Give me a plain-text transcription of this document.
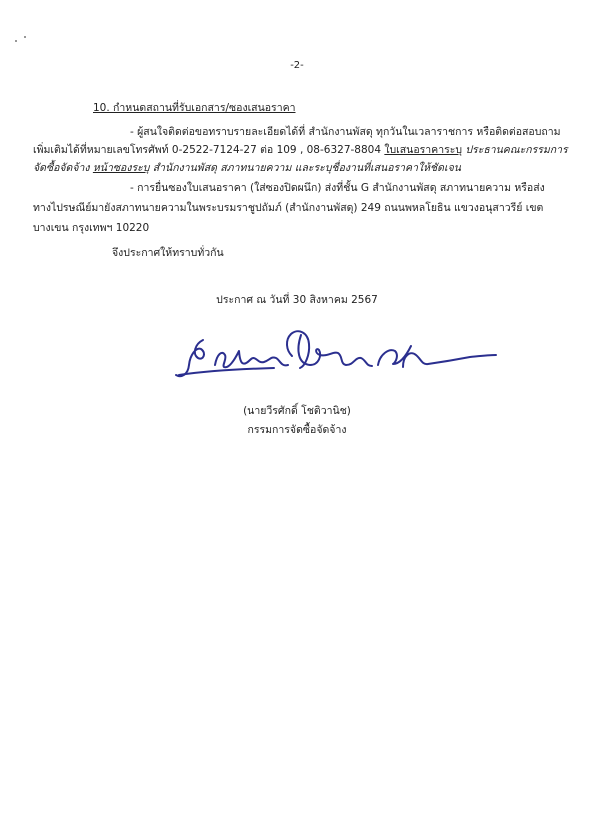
-2-
10. กำหนดสถานที่รับเอกสาร/ซองเสนอราคา
- ผู้สนใจติดต่อขอทราบรายละเอียดได้ที่ สำนักงานพัสดุ ทุกวันในเวลาราชการ หรือติดต่อสอบถาม
เพิ่มเติมได้ที่หมายเลขโทรศัพท์ 0-2522-7124-27 ต่อ 109 , 08-6327-8804 ใบเสนอราคาระบุ ประธานคณะกรรมการ
จัดซื้อจัดจ้าง หน้าซองระบุ สำนักงานพัสดุ สภาทนายความ และระบุชื่องานที่เสนอราคาให้ชัดเจน
- การยื่นซองใบเสนอราคา (ใส่ซองปิดผนึก) ส่งที่ชั้น G สำนักงานพัสดุ สภาทนายความ หรือส่ง
ทางไปรษณีย์มายังสภาทนายความในพระบรมราชูปถัมภ์ (สำนักงานพัสดุ) 249 ถนนพหลโยธิน แขวงอนุสาวรีย์ เขต
บางเขน กรุงเทพฯ 10220
จึงประกาศให้ทราบทั่วกัน
ประกาศ ณ วันที่ 30 สิงหาคม 2567
(นายวีรศักดิ์ โชติวานิช)
กรรมการจัดซื้อจัดจ้าง
